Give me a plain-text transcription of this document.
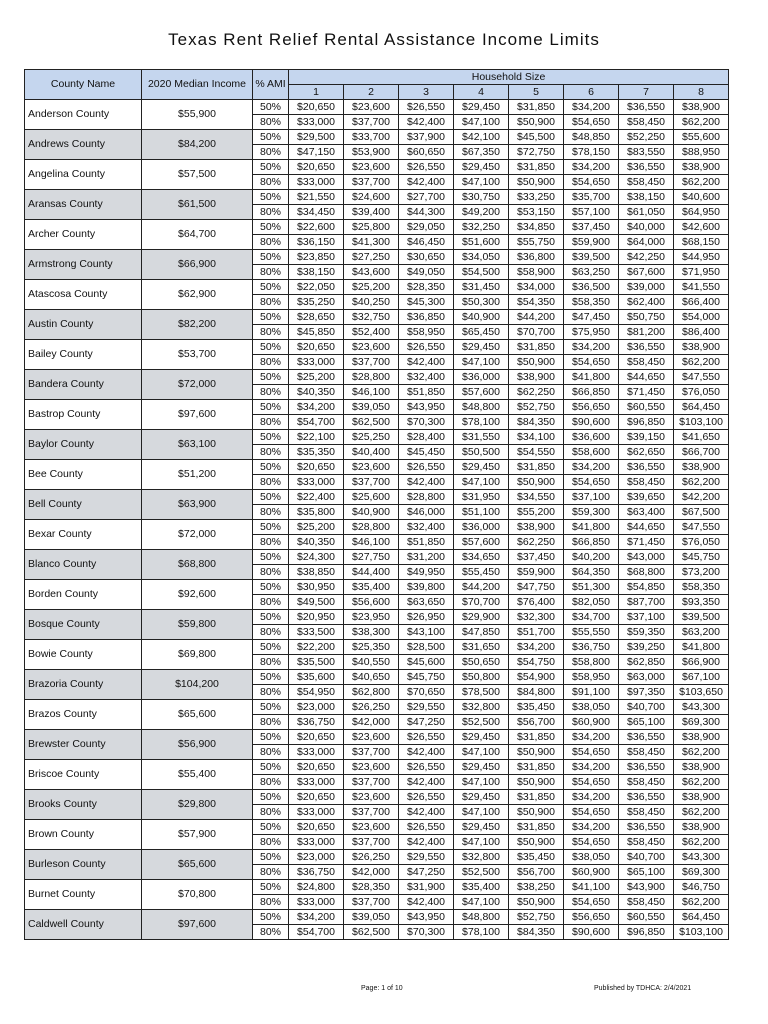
Texas Rent Relief Rental Assistance Income Limits
County Name	2020 Median Income	% AMI	Household Size							
			1	2	3	4	5	6	7	8
Anderson County	$55,900	50%	$20,650	$23,600	$26,550	$29,450	$31,850	$34,200	$36,550	$38,900
		80%	$33,000	$37,700	$42,400	$47,100	$50,900	$54,650	$58,450	$62,200
Andrews County	$84,200	50%	$29,500	$33,700	$37,900	$42,100	$45,500	$48,850	$52,250	$55,600
		80%	$47,150	$53,900	$60,650	$67,350	$72,750	$78,150	$83,550	$88,950
Angelina County	$57,500	50%	$20,650	$23,600	$26,550	$29,450	$31,850	$34,200	$36,550	$38,900
		80%	$33,000	$37,700	$42,400	$47,100	$50,900	$54,650	$58,450	$62,200
Aransas County	$61,500	50%	$21,550	$24,600	$27,700	$30,750	$33,250	$35,700	$38,150	$40,600
		80%	$34,450	$39,400	$44,300	$49,200	$53,150	$57,100	$61,050	$64,950
Archer County	$64,700	50%	$22,600	$25,800	$29,050	$32,250	$34,850	$37,450	$40,000	$42,600
		80%	$36,150	$41,300	$46,450	$51,600	$55,750	$59,900	$64,000	$68,150
Armstrong County	$66,900	50%	$23,850	$27,250	$30,650	$34,050	$36,800	$39,500	$42,250	$44,950
		80%	$38,150	$43,600	$49,050	$54,500	$58,900	$63,250	$67,600	$71,950
Atascosa County	$62,900	50%	$22,050	$25,200	$28,350	$31,450	$34,000	$36,500	$39,000	$41,550
		80%	$35,250	$40,250	$45,300	$50,300	$54,350	$58,350	$62,400	$66,400
Austin County	$82,200	50%	$28,650	$32,750	$36,850	$40,900	$44,200	$47,450	$50,750	$54,000
		80%	$45,850	$52,400	$58,950	$65,450	$70,700	$75,950	$81,200	$86,400
Bailey County	$53,700	50%	$20,650	$23,600	$26,550	$29,450	$31,850	$34,200	$36,550	$38,900
		80%	$33,000	$37,700	$42,400	$47,100	$50,900	$54,650	$58,450	$62,200
Bandera County	$72,000	50%	$25,200	$28,800	$32,400	$36,000	$38,900	$41,800	$44,650	$47,550
		80%	$40,350	$46,100	$51,850	$57,600	$62,250	$66,850	$71,450	$76,050
Bastrop County	$97,600	50%	$34,200	$39,050	$43,950	$48,800	$52,750	$56,650	$60,550	$64,450
		80%	$54,700	$62,500	$70,300	$78,100	$84,350	$90,600	$96,850	$103,100
Baylor County	$63,100	50%	$22,100	$25,250	$28,400	$31,550	$34,100	$36,600	$39,150	$41,650
		80%	$35,350	$40,400	$45,450	$50,500	$54,550	$58,600	$62,650	$66,700
Bee County	$51,200	50%	$20,650	$23,600	$26,550	$29,450	$31,850	$34,200	$36,550	$38,900
		80%	$33,000	$37,700	$42,400	$47,100	$50,900	$54,650	$58,450	$62,200
Bell County	$63,900	50%	$22,400	$25,600	$28,800	$31,950	$34,550	$37,100	$39,650	$42,200
		80%	$35,800	$40,900	$46,000	$51,100	$55,200	$59,300	$63,400	$67,500
Bexar County	$72,000	50%	$25,200	$28,800	$32,400	$36,000	$38,900	$41,800	$44,650	$47,550
		80%	$40,350	$46,100	$51,850	$57,600	$62,250	$66,850	$71,450	$76,050
Blanco County	$68,800	50%	$24,300	$27,750	$31,200	$34,650	$37,450	$40,200	$43,000	$45,750
		80%	$38,850	$44,400	$49,950	$55,450	$59,900	$64,350	$68,800	$73,200
Borden County	$92,600	50%	$30,950	$35,400	$39,800	$44,200	$47,750	$51,300	$54,850	$58,350
		80%	$49,500	$56,600	$63,650	$70,700	$76,400	$82,050	$87,700	$93,350
Bosque County	$59,800	50%	$20,950	$23,950	$26,950	$29,900	$32,300	$34,700	$37,100	$39,500
		80%	$33,500	$38,300	$43,100	$47,850	$51,700	$55,550	$59,350	$63,200
Bowie County	$69,800	50%	$22,200	$25,350	$28,500	$31,650	$34,200	$36,750	$39,250	$41,800
		80%	$35,500	$40,550	$45,600	$50,650	$54,750	$58,800	$62,850	$66,900
Brazoria County	$104,200	50%	$35,600	$40,650	$45,750	$50,800	$54,900	$58,950	$63,000	$67,100
		80%	$54,950	$62,800	$70,650	$78,500	$84,800	$91,100	$97,350	$103,650
Brazos County	$65,600	50%	$23,000	$26,250	$29,550	$32,800	$35,450	$38,050	$40,700	$43,300
		80%	$36,750	$42,000	$47,250	$52,500	$56,700	$60,900	$65,100	$69,300
Brewster County	$56,900	50%	$20,650	$23,600	$26,550	$29,450	$31,850	$34,200	$36,550	$38,900
		80%	$33,000	$37,700	$42,400	$47,100	$50,900	$54,650	$58,450	$62,200
Briscoe County	$55,400	50%	$20,650	$23,600	$26,550	$29,450	$31,850	$34,200	$36,550	$38,900
		80%	$33,000	$37,700	$42,400	$47,100	$50,900	$54,650	$58,450	$62,200
Brooks County	$29,800	50%	$20,650	$23,600	$26,550	$29,450	$31,850	$34,200	$36,550	$38,900
		80%	$33,000	$37,700	$42,400	$47,100	$50,900	$54,650	$58,450	$62,200
Brown County	$57,900	50%	$20,650	$23,600	$26,550	$29,450	$31,850	$34,200	$36,550	$38,900
		80%	$33,000	$37,700	$42,400	$47,100	$50,900	$54,650	$58,450	$62,200
Burleson County	$65,600	50%	$23,000	$26,250	$29,550	$32,800	$35,450	$38,050	$40,700	$43,300
		80%	$36,750	$42,000	$47,250	$52,500	$56,700	$60,900	$65,100	$69,300
Burnet County	$70,800	50%	$24,800	$28,350	$31,900	$35,400	$38,250	$41,100	$43,900	$46,750
		80%	$33,000	$37,700	$42,400	$47,100	$50,900	$54,650	$58,450	$62,200
Caldwell County	$97,600	50%	$34,200	$39,050	$43,950	$48,800	$52,750	$56,650	$60,550	$64,450
		80%	$54,700	$62,500	$70,300	$78,100	$84,350	$90,600	$96,850	$103,100
Page: 1 of 10	Published by TDHCA: 2/4/2021
